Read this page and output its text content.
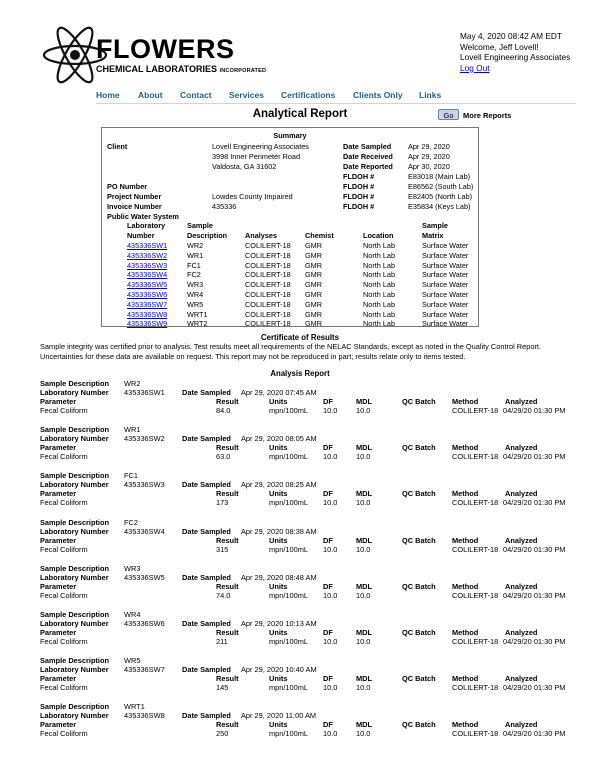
FLOWERS
CHEMICAL LABORATORIES INCORPORATED
May 4, 2020 08:42 AM EDT
Welcome, Jeff Lovell!
Lovell Engineering Associates
Log Out
Home About Contact Services Certifications Clients Only Links
Analytical Report	Go	More Reports
Summary
Client	Lovell Engineering Associates
3998 Inner Perimeter Road
Valdosta, GA 31602
Date Sampled Apr 29, 2020
Date Received Apr 29, 2020
Date Reported Apr 30, 2020
FLDOH #	E83018 (Main Lab)
FLDOH #	E86562 (South Lab)
FLDOH #	E82405 (North Lab)
FLDOH #	E35834 (Keys Lab)
PO Number
Project Number	Lowdes County Impaired
Invoice Number	435336
Public Water System
Laboratory	Sample	Sample
Number	Description Analyses	Chemist	Location	Matrix
435336SW1	WR2	COLILERT-18 GMR	North Lab	Surface Water
435336SW2	WR1	COLILERT-18 GMR	North Lab	Surface Water
435336SW3	FC1	COLILERT-18 GMR	North Lab	Surface Water
435336SW4	FC2	COLILERT-18 GMR	North Lab	Surface Water
435336SW5	WR3	COLILERT-18 GMR	North Lab	Surface Water
435336SW6	WR4	COLILERT-18 GMR	North Lab	Surface Water
435336SW7	WR5	COLILERT-18 GMR	North Lab	Surface Water
435336SW8	WRT1	COLILERT-18 GMR	North Lab	Surface Water
435336SW9	WRT2	COLILERT-18 GMR	North Lab	Surface Water
Certificate of Results
Sample integrity was certified prior to analysis. Test results meet all requirements of the NELAC Standards, except as noted in the Quality Control Report. Uncertainties for these data are available on request. This report may not be reproduced in part; results relate only to items tested.
Analysis Report
Sample Description WR2
Laboratory Number 435336SW1 Date Sampled Apr 29, 2020 07:45 AM
Parameter	Result	Units	DF	MDL	QC Batch Method	Analyzed
Fecal Coliform	84.0	mpn/100mL 10.0	10.0	COLILERT-18 04/29/20 01:30 PM
Sample Description WR1
Laboratory Number 435336SW2 Date Sampled Apr 29, 2020 08:05 AM
Parameter	Result	Units	DF	MDL	QC Batch Method	Analyzed
Fecal Coliform	63.0	mpn/100mL 10.0	10.0	COLILERT-18 04/29/20 01:30 PM
Sample Description FC1
Laboratory Number 435336SW3 Date Sampled Apr 29, 2020 08:25 AM
Parameter	Result	Units	DF	MDL	QC Batch Method	Analyzed
Fecal Coliform	173	mpn/100mL 10.0	10.0	COLILERT-18 04/29/20 01:30 PM
Sample Description FC2
Laboratory Number 435336SW4 Date Sampled Apr 29, 2020 08:38 AM
Parameter	Result	Units	DF	MDL	QC Batch Method	Analyzed
Fecal Coliform	315	mpn/100mL 10.0	10.0	COLILERT-18 04/29/20 01:30 PM
Sample Description WR3
Laboratory Number 435336SW5 Date Sampled Apr 29, 2020 08:48 AM
Parameter	Result	Units	DF	MDL	QC Batch Method	Analyzed
Fecal Coliform	74.0	mpn/100mL 10.0	10.0	COLILERT-18 04/29/20 01:30 PM
Sample Description WR4
Laboratory Number 435336SW6 Date Sampled Apr 29, 2020 10:13 AM
Parameter	Result	Units	DF	MDL	QC Batch Method	Analyzed
Fecal Coliform	211	mpn/100mL 10.0	10.0	COLILERT-18 04/29/20 01:30 PM
Sample Description WR5
Laboratory Number 435336SW7 Date Sampled Apr 29, 2020 10:40 AM
Parameter	Result	Units	DF	MDL	QC Batch Method	Analyzed
Fecal Coliform	145	mpn/100mL 10.0	10.0	COLILERT-18 04/29/20 01:30 PM
Sample Description WRT1
Laboratory Number 435336SW8 Date Sampled Apr 29, 2020 11:00 AM
Parameter	Result	Units	DF	MDL	QC Batch Method	Analyzed
Fecal Coliform	250	mpn/100mL 10.0	10.0	COLILERT-18 04/29/20 01:30 PM
